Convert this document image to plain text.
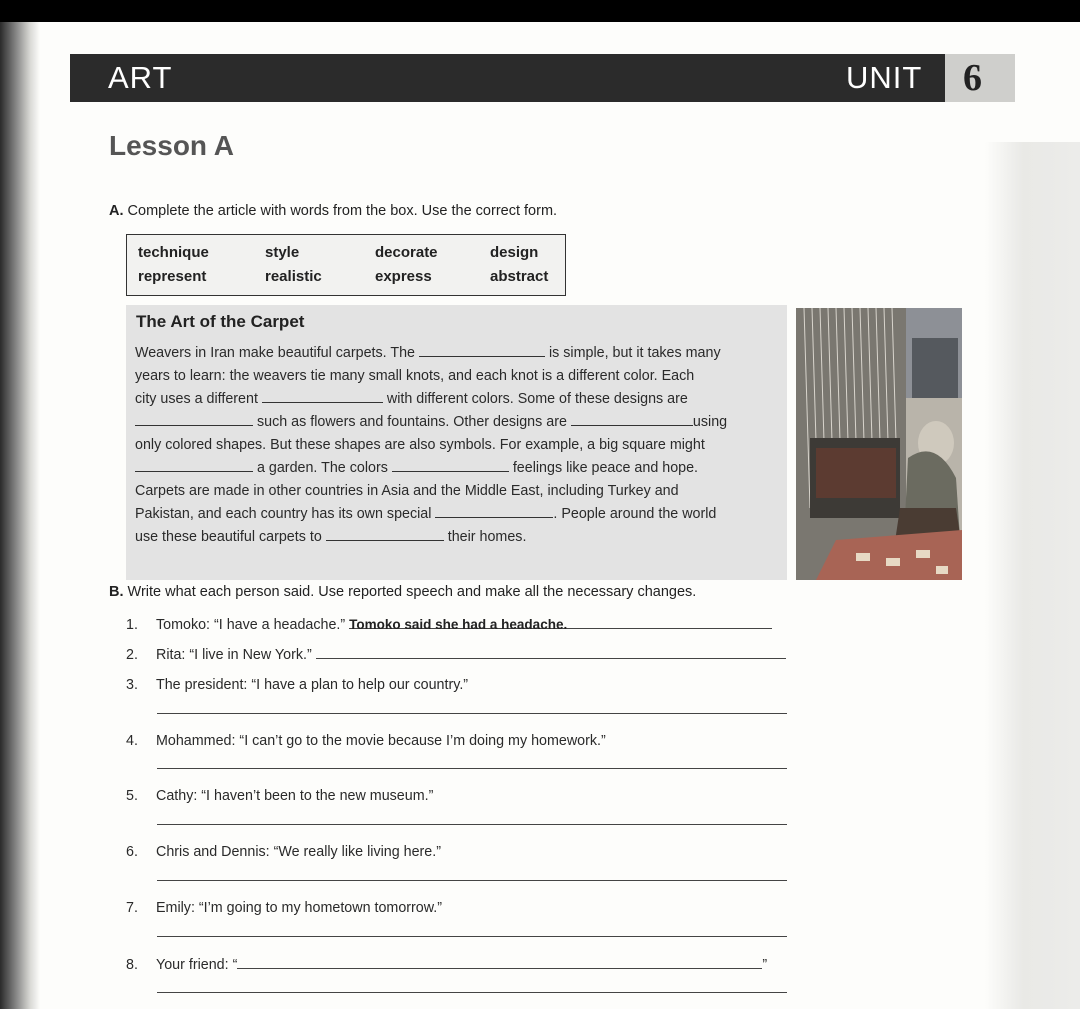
ART	UNIT 6
Lesson A
A. Complete the article with words from the box. Use the correct form.
technique	style	decorate	design
represent	realistic	express	abstract
The Art of the Carpet
Weavers in Iran make beautiful carpets. The	is simple, but it takes many
years to learn: the weavers tie many small knots, and each knot is a different color. Each
city uses a different	with different colors. Some of these designs are
such as flowers and fountains. Other designs are	using
only colored shapes. But these shapes are also symbols. For example, a big square might
a garden. The colors	feelings like peace and hope.
Carpets are made in other countries in Asia and the Middle East, including Turkey and
Pakistan, and each country has its own special	. People around the world
use these beautiful carpets to	their homes.
B. Write what each person said. Use reported speech and make all the necessary changes.
1. Tomoko: “I have a headache.” Tomoko said she had a headache.
2. Rita: “I live in New York.”
3. The president: “I have a plan to help our country.”
4. Mohammed: “I can’t go to the movie because I’m doing my homework.”
5. Cathy: “I haven’t been to the new museum.”
6. Chris and Dennis: “We really like living here.”
7. Emily: “I’m going to my hometown tomorrow.”
8. Your friend: “	”
